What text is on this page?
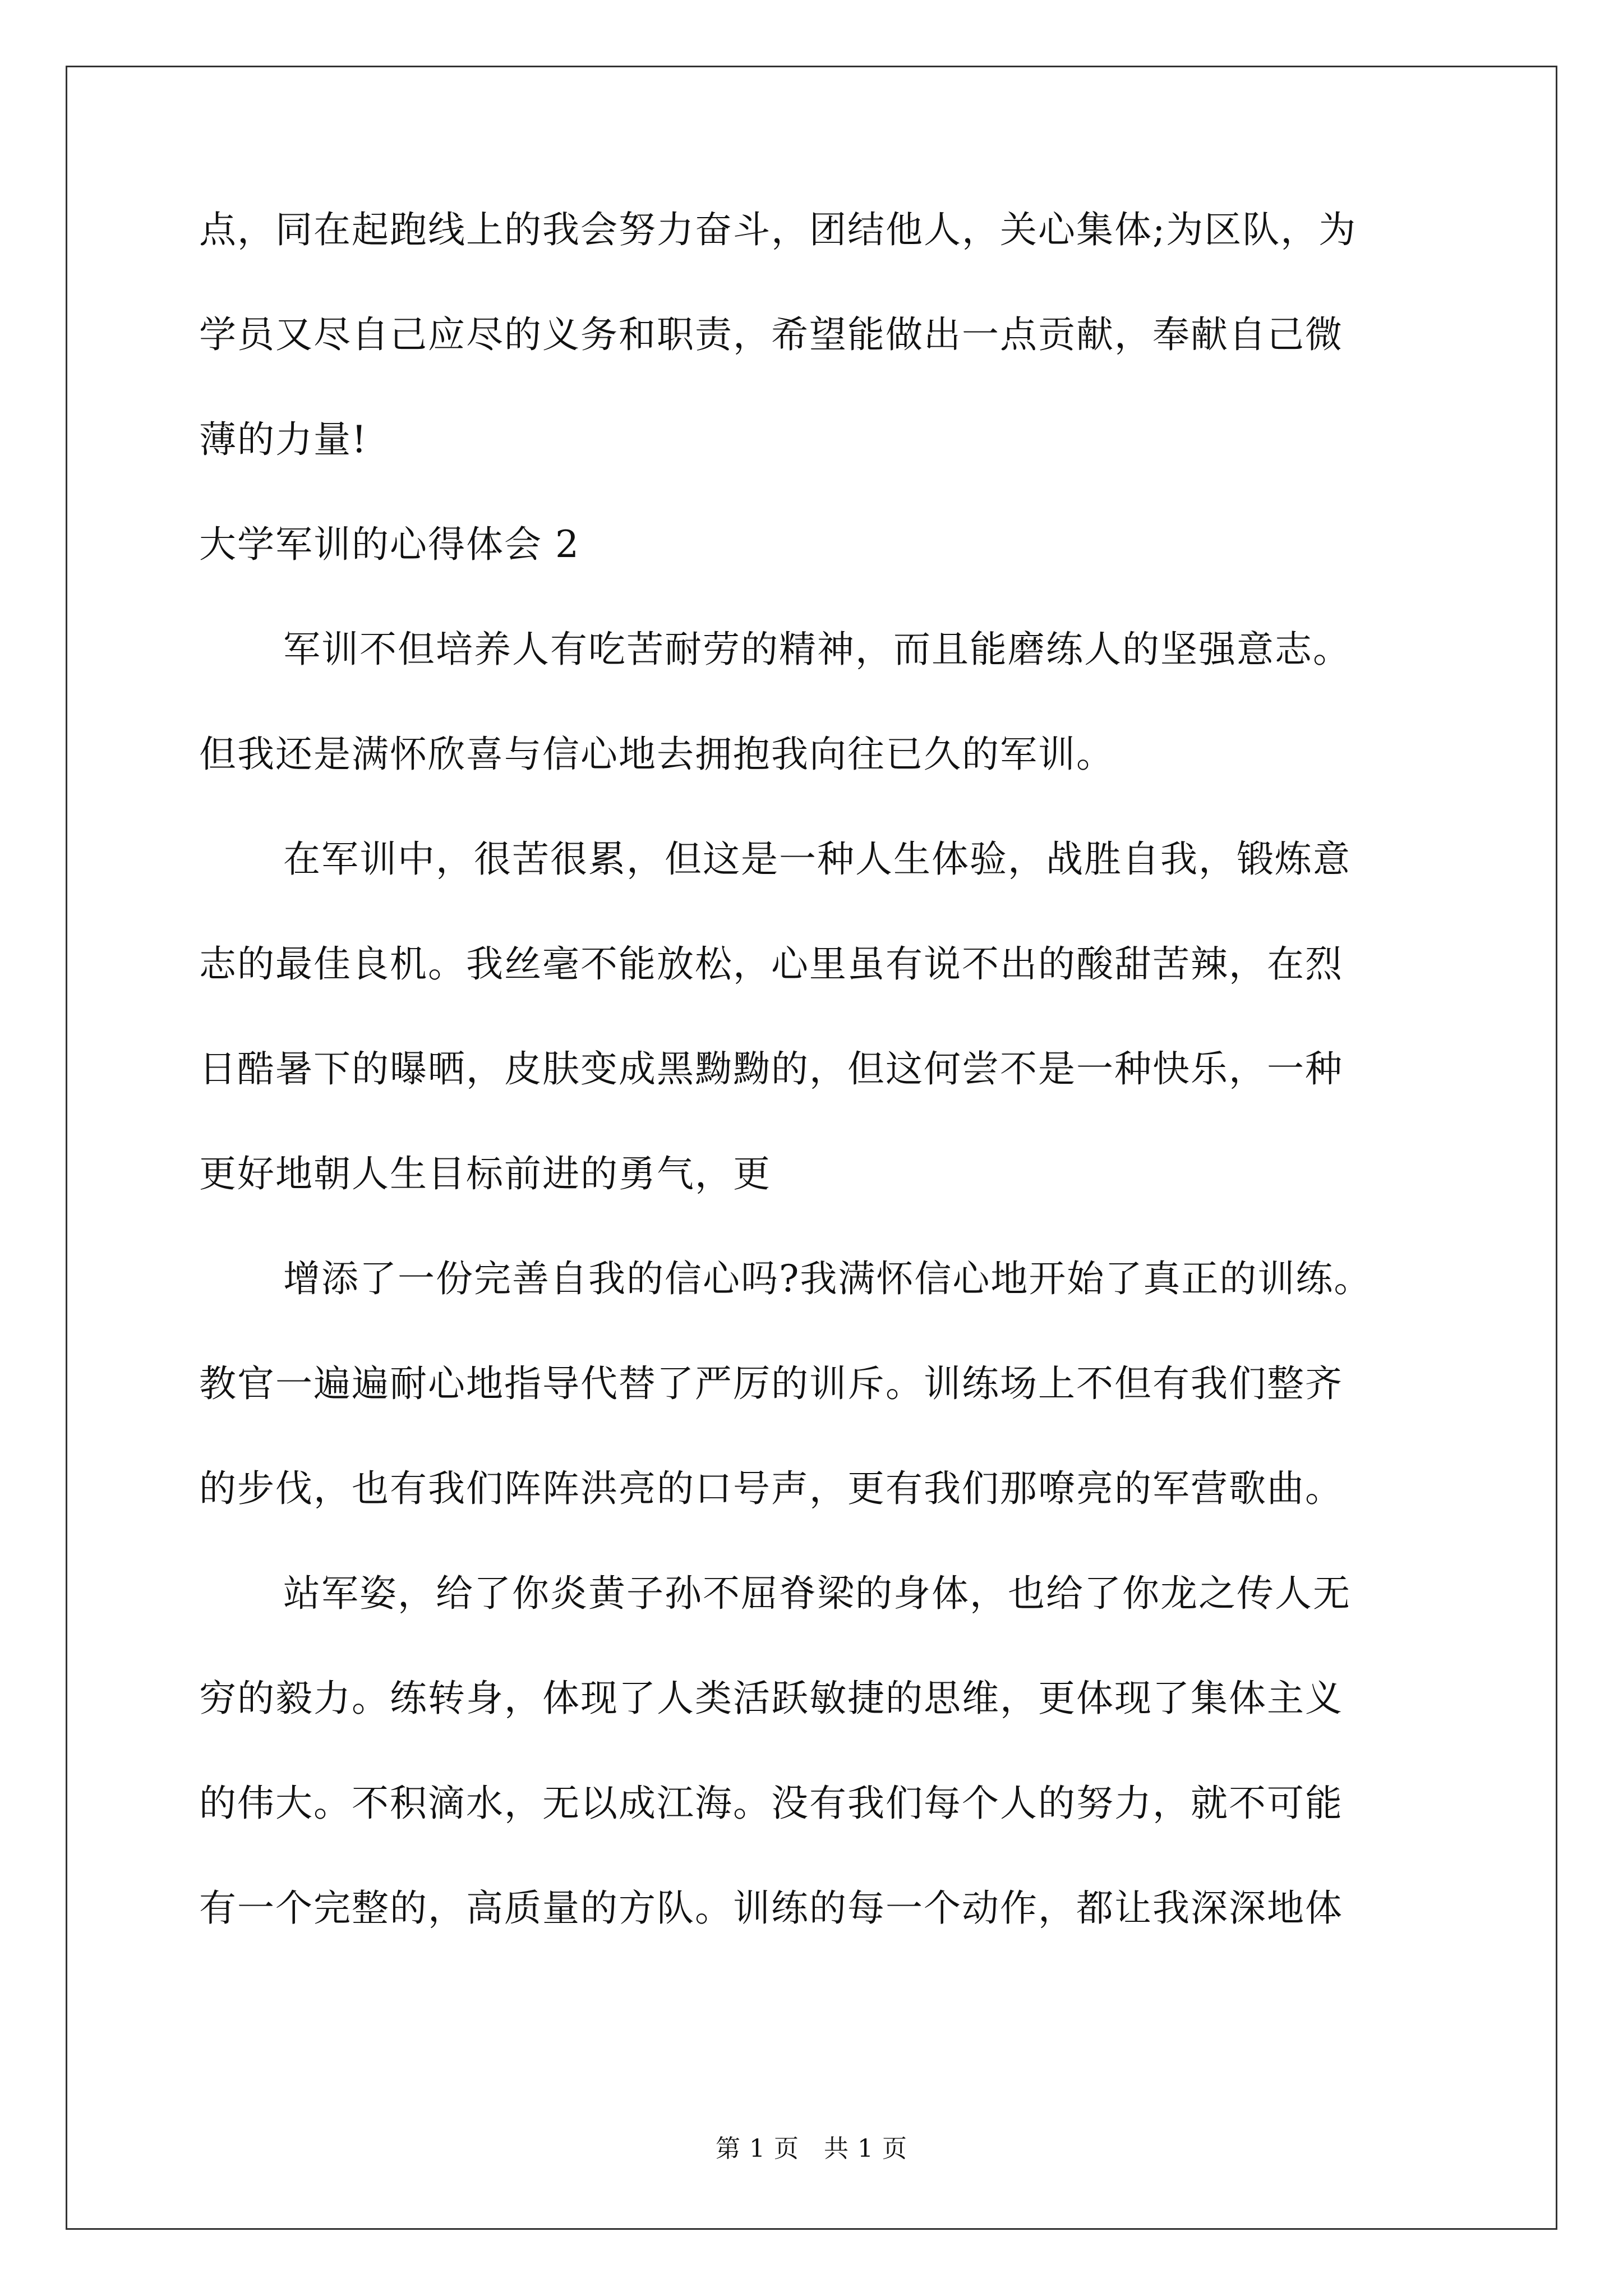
点，同在起跑线上的我会努力奋斗，团结他人，关心集体;为区队，为
学员又尽自己应尽的义务和职责，希望能做出一点贡献，奉献自己微
薄的力量!
大学军训的心得体会 2
军训不但培养人有吃苦耐劳的精神，而且能磨练人的坚强意志。
但我还是满怀欣喜与信心地去拥抱我向往已久的军训。
在军训中，很苦很累，但这是一种人生体验，战胜自我，锻炼意
志的最佳良机。我丝毫不能放松，心里虽有说不出的酸甜苦辣，在烈
日酷暑下的曝晒，皮肤变成黑黝黝的，但这何尝不是一种快乐，一种
更好地朝人生目标前进的勇气，更
增添了一份完善自我的信心吗?我满怀信心地开始了真正的训练。
教官一遍遍耐心地指导代替了严厉的训斥。训练场上不但有我们整齐
的步伐，也有我们阵阵洪亮的口号声，更有我们那嘹亮的军营歌曲。
站军姿，给了你炎黄子孙不屈脊梁的身体，也给了你龙之传人无
穷的毅力。练转身，体现了人类活跃敏捷的思维，更体现了集体主义
的伟大。不积滴水，无以成江海。没有我们每个人的努力，就不可能
有一个完整的，高质量的方队。训练的每一个动作，都让我深深地体
第 1 页 共 1 页
